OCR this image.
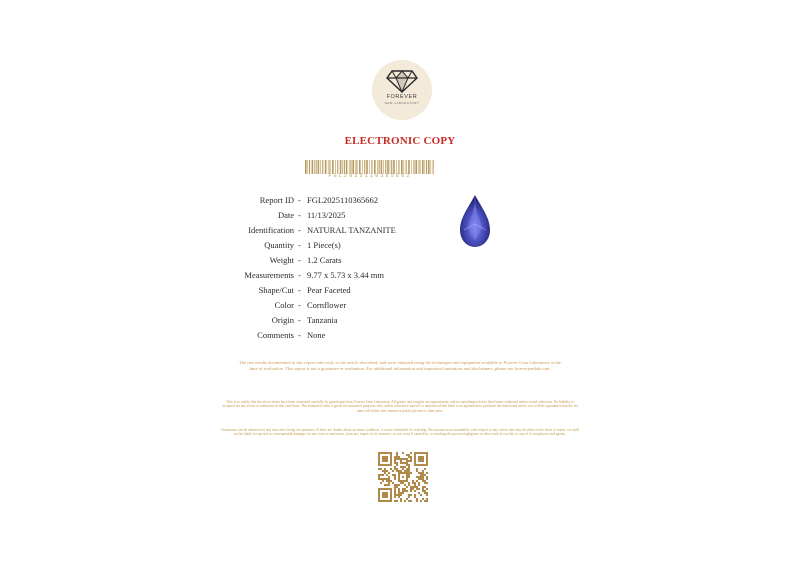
FOREVER
GEM LABORATORY
ELECTRONIC COPY
FGL2025110365662
Report ID - FGL2025110365662
Date - 11/13/2025
Identification - NATURAL TANZANITE
Quantity - 1 Piece(s)
Weight - 1.2 Carats
Measurements - 9.77 x 5.73 x 3.44 mm
Shape/Cut - Pear Faceted
Color - Cornflower
Origin - Tanzania
Comments - None
The test results documented in this report refer only to the article described, and were obtained using the techniques and equipment available to Forever Gem Laboratory at the time of evaluation. This report is not a guarantee or evaluation. For additional information and important limitations and disclaimers, please see foreverjemlab.com.
This is to certify that the above items have been examined carefully by gemologist from Forever Gem Laboratory. All grades and weights are approximate, and no metallurgical tests have been conducted unless stated otherwise. No liability is accepted for any errors or omissions in this certificate. The estimated value is given for insurance purposes only, unless otherwise stated it is understood that there is an agreement to purchase the item listed above, nor will be a guarantee that the set item will realize this amount at public private or other sales.
Gemstones can be enhanced at any time after living our premises. If there are doubts about an items condition, it can be submitted for retesting. We assume no accountability with respect to any action that may be taken on the basis of report, we shall not be liable for special or consequential damages for any error or omissions, from any report for its issuance, or use, even if caused by, or resulting the proven negligence or other fault of our lab, or any of its employees and agents.
